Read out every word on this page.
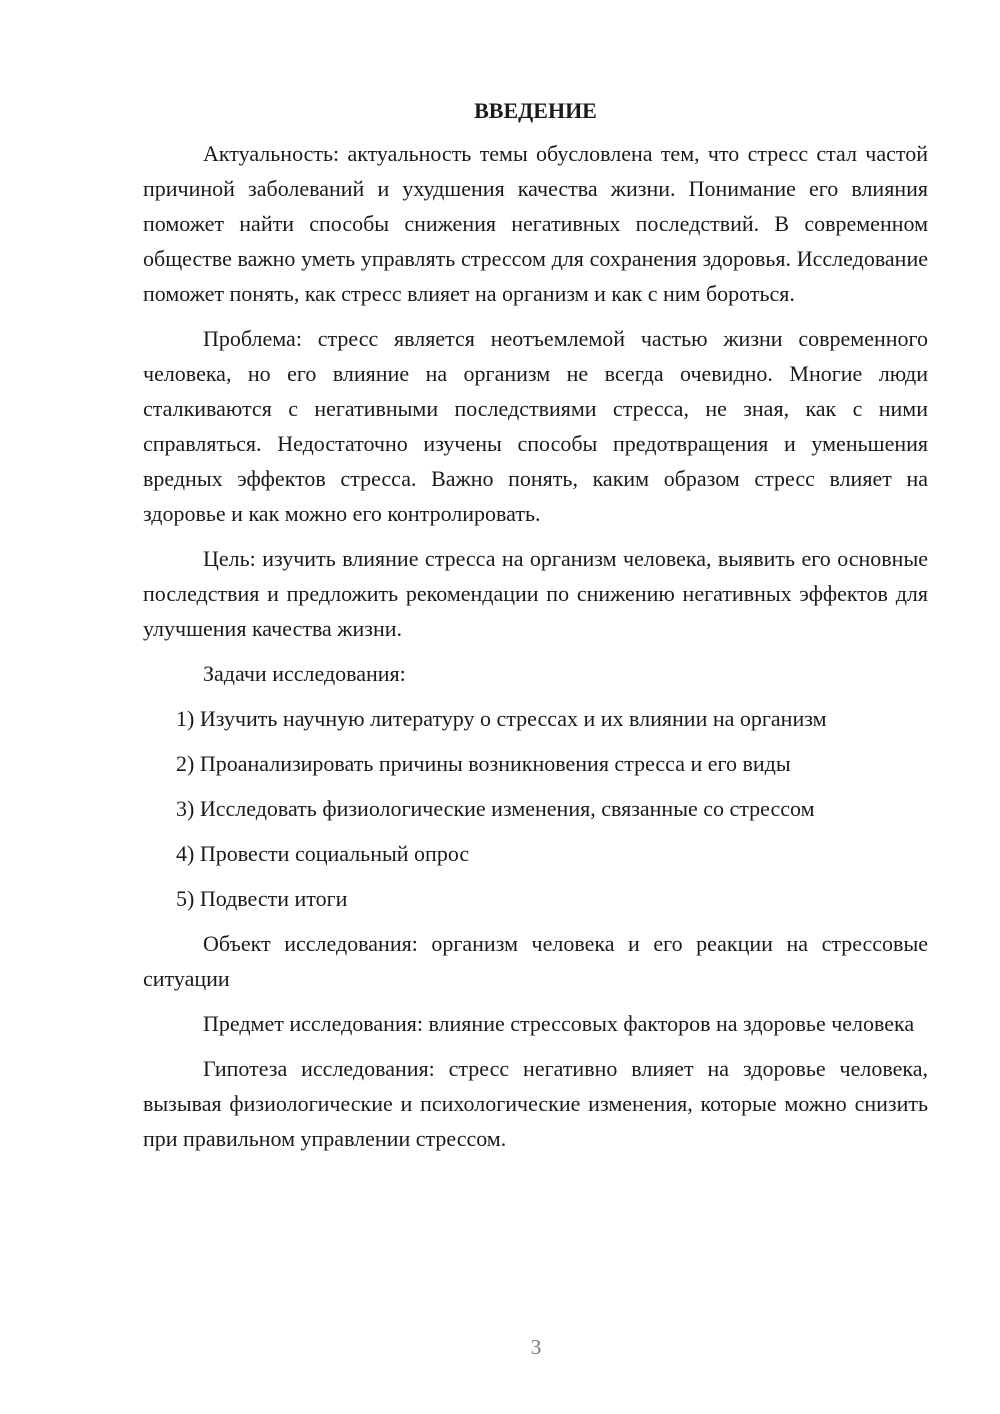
ВВЕДЕНИЕ

Актуальность: актуальность темы обусловлена тем, что стресс стал частой причиной заболеваний и ухудшения качества жизни. Понимание его влияния поможет найти способы снижения негативных последствий. В современном обществе важно уметь управлять стрессом для сохранения здоровья. Исследование поможет понять, как стресс влияет на организм и как с ним бороться.

Проблема: стресс является неотъемлемой частью жизни современного человека, но его влияние на организм не всегда очевидно. Многие люди сталкиваются с негативными последствиями стресса, не зная, как с ними справляться. Недостаточно изучены способы предотвращения и уменьшения вредных эффектов стресса. Важно понять, каким образом стресс влияет на здоровье и как можно его контролировать.

Цель: изучить влияние стресса на организм человека, выявить его основные последствия и предложить рекомендации по снижению негативных эффектов для улучшения качества жизни.

Задачи исследования:

1) Изучить научную литературу о стрессах и их влиянии на организм
2) Проанализировать причины возникновения стресса и его виды
3) Исследовать физиологические изменения, связанные со стрессом
4) Провести социальный опрос
5) Подвести итоги

Объект исследования: организм человека и его реакции на стрессовые ситуации

Предмет исследования: влияние стрессовых факторов на здоровье человека

Гипотеза исследования: стресс негативно влияет на здоровье человека, вызывая физиологические и психологические изменения, которые можно снизить при правильном управлении стрессом.

3
